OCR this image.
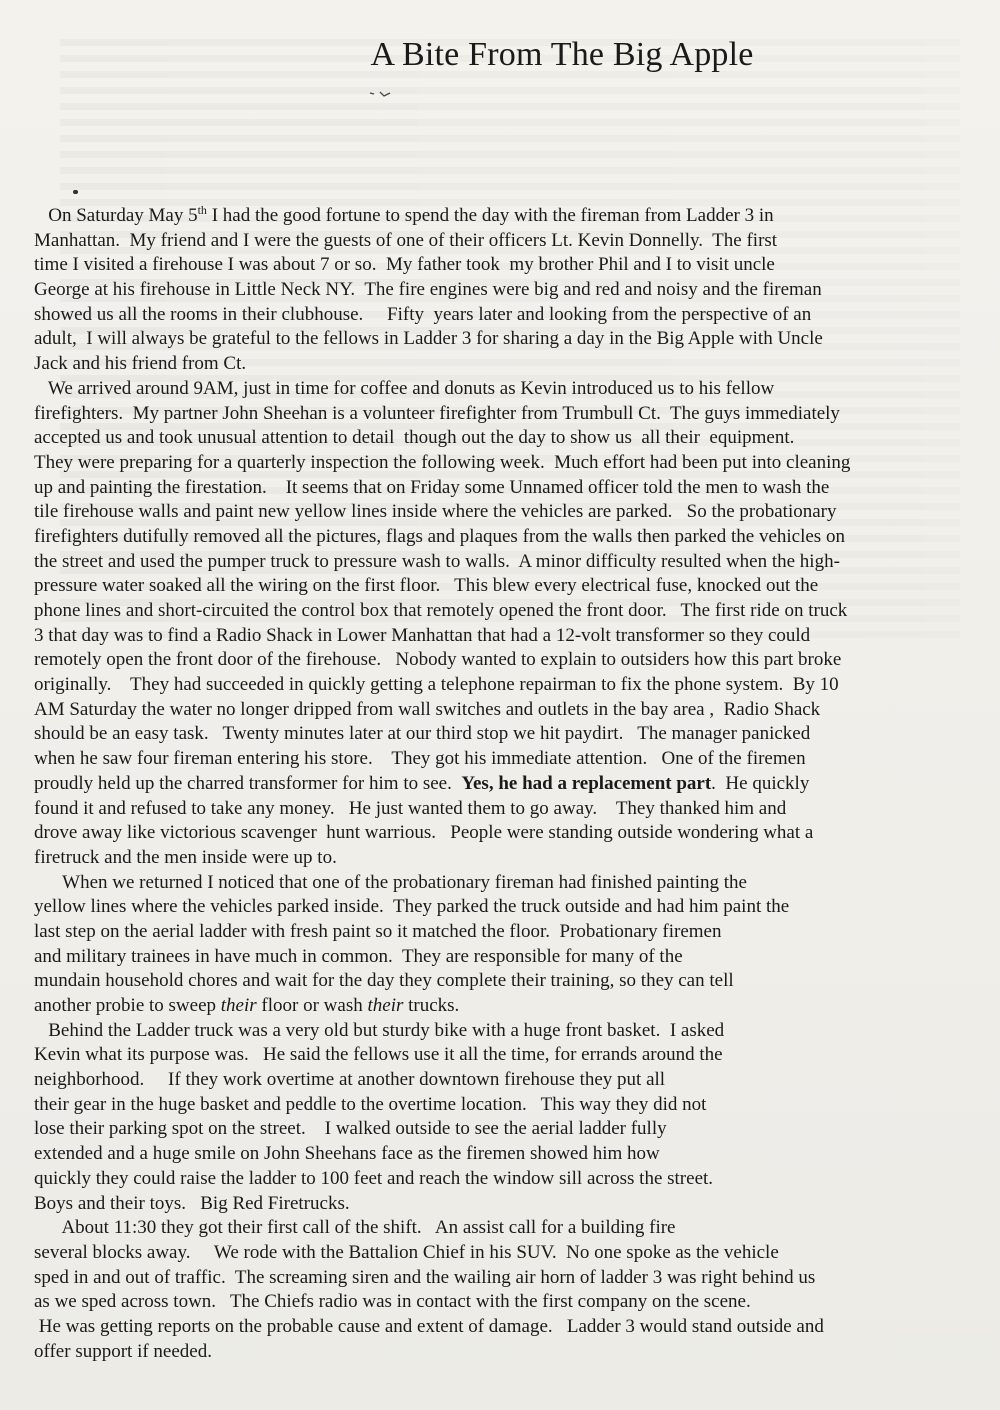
A Bite From The Big Apple
On Saturday May 5th I had the good fortune to spend the day with the fireman from Ladder 3 in
Manhattan.  My friend and I were the guests of one of their officers Lt. Kevin Donnelly.  The first
time I visited a firehouse I was about 7 or so.  My father took  my brother Phil and I to visit uncle
George at his firehouse in Little Neck NY.  The fire engines were big and red and noisy and the fireman
showed us all the rooms in their clubhouse.     Fifty  years later and looking from the perspective of an
adult,  I will always be grateful to the fellows in Ladder 3 for sharing a day in the Big Apple with Uncle
Jack and his friend from Ct.
We arrived around 9AM, just in time for coffee and donuts as Kevin introduced us to his fellow
firefighters.  My partner John Sheehan is a volunteer firefighter from Trumbull Ct.  The guys immediately
accepted us and took unusual attention to detail  though out the day to show us  all their  equipment.
They were preparing for a quarterly inspection the following week.  Much effort had been put into cleaning
up and painting the firestation.    It seems that on Friday some Unnamed officer told the men to wash the
tile firehouse walls and paint new yellow lines inside where the vehicles are parked.   So the probationary
firefighters dutifully removed all the pictures, flags and plaques from the walls then parked the vehicles on
the street and used the pumper truck to pressure wash to walls.  A minor difficulty resulted when the high-
pressure water soaked all the wiring on the first floor.   This blew every electrical fuse, knocked out the
phone lines and short-circuited the control box that remotely opened the front door.   The first ride on truck
3 that day was to find a Radio Shack in Lower Manhattan that had a 12-volt transformer so they could
remotely open the front door of the firehouse.   Nobody wanted to explain to outsiders how this part broke
originally.    They had succeeded in quickly getting a telephone repairman to fix the phone system.  By 10
AM Saturday the water no longer dripped from wall switches and outlets in the bay area ,  Radio Shack
should be an easy task.   Twenty minutes later at our third stop we hit paydirt.   The manager panicked
when he saw four fireman entering his store.    They got his immediate attention.   One of the firemen
proudly held up the charred transformer for him to see.  Yes, he had a replacement part.  He quickly
found it and refused to take any money.   He just wanted them to go away.    They thanked him and
drove away like victorious scavenger  hunt warrious.   People were standing outside wondering what a
firetruck and the men inside were up to.
When we returned I noticed that one of the probationary fireman had finished painting the
yellow lines where the vehicles parked inside.  They parked the truck outside and had him paint the
last step on the aerial ladder with fresh paint so it matched the floor.  Probationary firemen
and military trainees in have much in common.  They are responsible for many of the
mundain household chores and wait for the day they complete their training, so they can tell
another probie to sweep their floor or wash their trucks.
Behind the Ladder truck was a very old but sturdy bike with a huge front basket.  I asked
Kevin what its purpose was.   He said the fellows use it all the time, for errands around the
neighborhood.     If they work overtime at another downtown firehouse they put all
their gear in the huge basket and peddle to the overtime location.   This way they did not
lose their parking spot on the street.    I walked outside to see the aerial ladder fully
extended and a huge smile on John Sheehans face as the firemen showed him how
quickly they could raise the ladder to 100 feet and reach the window sill across the street.
Boys and their toys.   Big Red Firetrucks.
About 11:30 they got their first call of the shift.   An assist call for a building fire
several blocks away.     We rode with the Battalion Chief in his SUV.  No one spoke as the vehicle
sped in and out of traffic.  The screaming siren and the wailing air horn of ladder 3 was right behind us
as we sped across town.   The Chiefs radio was in contact with the first company on the scene.
He was getting reports on the probable cause and extent of damage.   Ladder 3 would stand outside and
offer support if needed.
